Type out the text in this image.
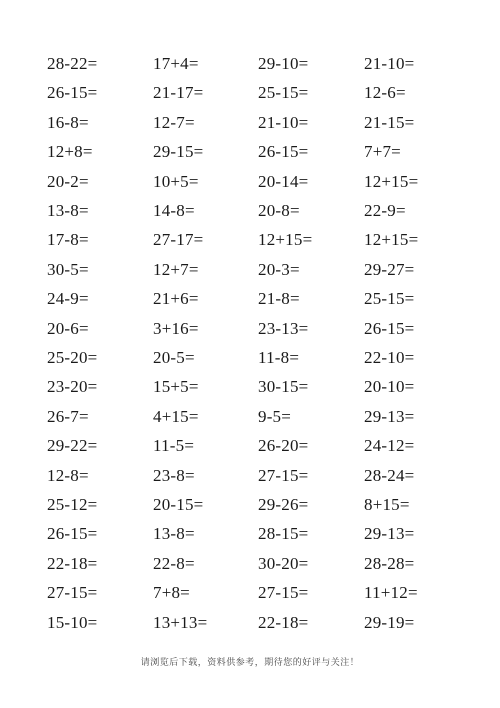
28-22=	17+4=	29-10=	21-10=
26-15=	21-17=	25-15=	12-6=
16-8=	12-7=	21-10=	21-15=
12+8=	29-15=	26-15=	7+7=
20-2=	10+5=	20-14=	12+15=
13-8=	14-8=	20-8=	22-9=
17-8=	27-17=	12+15=	12+15=
30-5=	12+7=	20-3=	29-27=
24-9=	21+6=	21-8=	25-15=
20-6=	3+16=	23-13=	26-15=
25-20=	20-5=	11-8=	22-10=
23-20=	15+5=	30-15=	20-10=
26-7=	4+15=	9-5=	29-13=
29-22=	11-5=	26-20=	24-12=
12-8=	23-8=	27-15=	28-24=
25-12=	20-15=	29-26=	8+15=
26-15=	13-8=	28-15=	29-13=
22-18=	22-8=	30-20=	28-28=
27-15=	7+8=	27-15=	11+12=
15-10=	13+13=	22-18=	29-19=
请浏览后下载，资料供参考，期待您的好评与关注！
